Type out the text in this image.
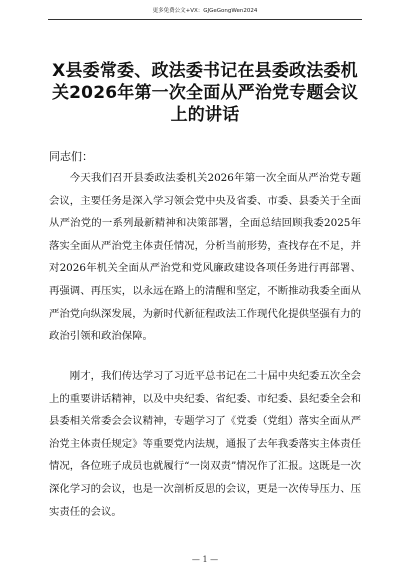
更多免费公文+VX：GJGeGongWen2024
X县委常委、政法委书记在县委政法委机关2026年第一次全面从严治党专题会议上的讲话
同志们：

今天我们召开县委政法委机关2026年第一次全面从严治党专题会议，主要任务是深入学习领会党中央及省委、市委、县委关于全面从严治党的一系列最新精神和决策部署，全面总结回顾我委2025年落实全面从严治党主体责任情况，分析当前形势，查找存在不足，并对2026年机关全面从严治党和党风廉政建设各项任务进行再部署、再强调、再压实，以永远在路上的清醒和坚定，不断推动我委全面从严治党向纵深发展，为新时代新征程政法工作现代化提供坚强有力的政治引领和政治保障。

刚才，我们传达学习了习近平总书记在二十届中央纪委五次全会上的重要讲话精神，以及中央纪委、省纪委、市纪委、县纪委全会和县委相关常委会会议精神，专题学习了《党委（党组）落实全面从严治党主体责任规定》等重要党内法规，通报了去年我委落实主体责任情况，各位班子成员也就履行“一岗双责”情况作了汇报。这既是一次深化学习的会议，也是一次剖析反思的会议，更是一次传导压力、压实责任的会议。

— 1 —
